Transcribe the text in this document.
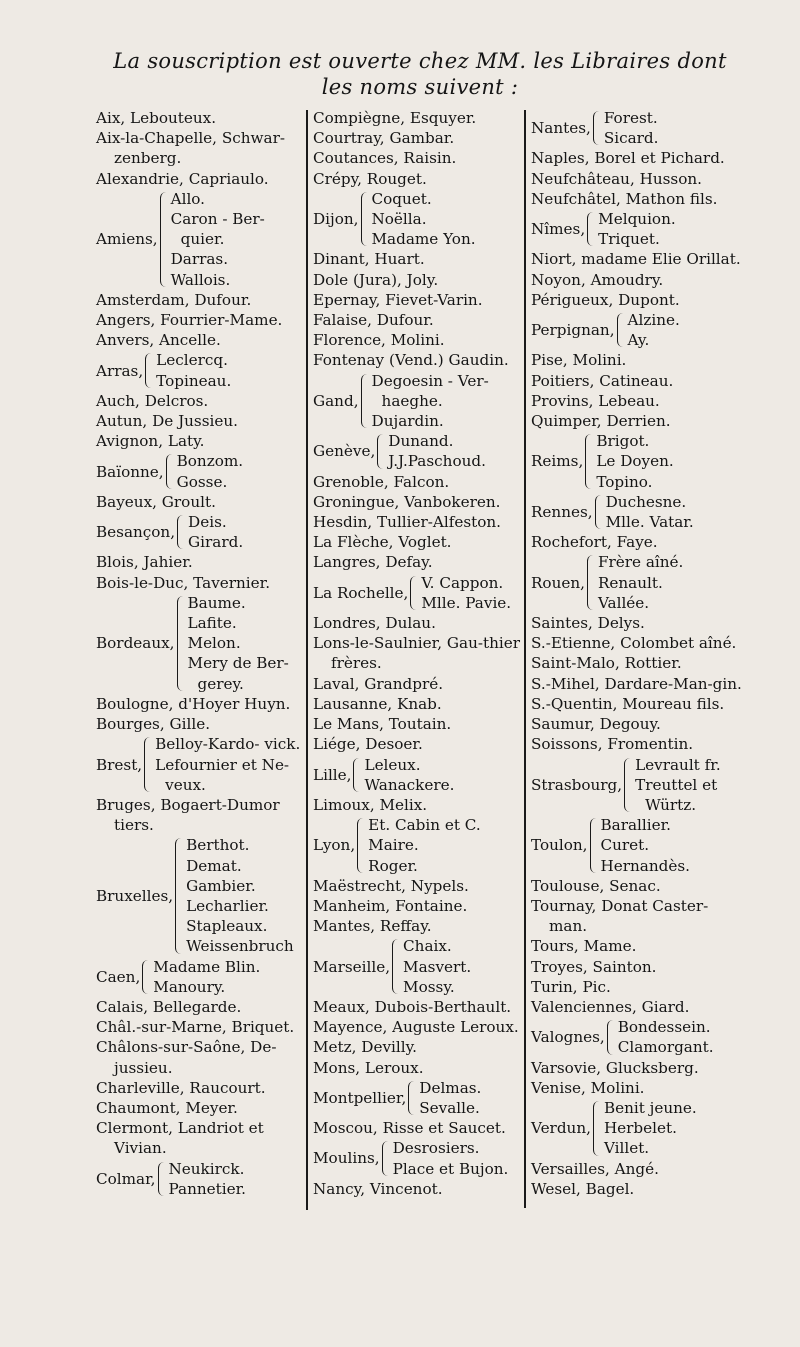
La souscription est ouverte chez MM. les Libraires dont
les noms suivent :
Aix, Lebouteux.
Aix-la-Chapelle, Schwar-zenberg.
Alexandrie, Capriaulo.
Amiens,
Allo.
Caron - Ber- quier.
Darras.
Wallois.
Amsterdam, Dufour.
Angers, Fourrier-Mame.
Anvers, Ancelle.
Arras,
Leclercq.
Topineau.
Auch, Delcros.
Autun, De Jussieu.
Avignon, Laty.
Baïonne,
Bonzom.
Gosse.
Bayeux, Groult.
Besançon,
Deis.
Girard.
Blois, Jahier.
Bois-le-Duc, Tavernier.
Bordeaux,
Baume.
Lafite.
Melon.
Mery de Ber- gerey.
Boulogne, d'Hoyer Huyn.
Bourges, Gille.
Brest,
Belloy-Kardo- vick.
Lefournier et Ne- veux.
Bruges, Bogaert-Dumor tiers.
Bruxelles,
Berthot.
Demat.
Gambier.
Lecharlier.
Stapleaux.
Weissenbruch
Caen,
Madame Blin.
Manoury.
Calais, Bellegarde.
Châl.-sur-Marne, Briquet.
Châlons-sur-Saône, De-jussieu.
Charleville, Raucourt.
Chaumont, Meyer.
Clermont, Landriot et Vivian.
Colmar,
Neukirck.
Pannetier.
Compiègne, Esquyer.
Courtray, Gambar.
Coutances, Raisin.
Crépy, Rouget.
Dijon,
Coquet.
Noëlla.
Madame Yon.
Dinant, Huart.
Dole (Jura), Joly.
Epernay, Fievet-Varin.
Falaise, Dufour.
Florence, Molini.
Fontenay (Vend.) Gaudin.
Gand,
Degoesin - Ver- haeghe.
Dujardin.
Genève,
Dunand.
J.J.Paschoud.
Grenoble, Falcon.
Groningue, Vanbokeren.
Hesdin, Tullier-Alfeston.
La Flèche, Voglet.
Langres, Defay.
La Rochelle,
V. Cappon.
Mlle. Pavie.
Londres, Dulau.
Lons-le-Saulnier, Gau-thier frères.
Laval, Grandpré.
Lausanne, Knab.
Le Mans, Toutain.
Liége, Desoer.
Lille,
Leleux.
Wanackere.
Limoux, Melix.
Lyon,
Et. Cabin et C.
Maire.
Roger.
Maëstrecht, Nypels.
Manheim, Fontaine.
Mantes, Reffay.
Marseille,
Chaix.
Masvert.
Mossy.
Meaux, Dubois-Berthault.
Mayence, Auguste Leroux.
Metz, Devilly.
Mons, Leroux.
Montpellier,
Delmas.
Sevalle.
Moscou, Risse et Saucet.
Moulins,
Desrosiers.
Place et Bujon.
Nancy, Vincenot.
Nantes,
Forest.
Sicard.
Naples, Borel et Pichard.
Neufchâteau, Husson.
Neufchâtel, Mathon fils.
Nîmes,
Melquion.
Triquet.
Niort, madame Elie Orillat.
Noyon, Amoudry.
Périgueux, Dupont.
Perpignan,
Alzine.
Ay.
Pise, Molini.
Poitiers, Catineau.
Provins, Lebeau.
Quimper, Derrien.
Reims,
Brigot.
Le Doyen.
Topino.
Rennes,
Duchesne.
Mlle. Vatar.
Rochefort, Faye.
Rouen,
Frère aîné.
Renault.
Vallée.
Saintes, Delys.
S.-Etienne, Colombet aîné.
Saint-Malo, Rottier.
S.-Mihel, Dardare-Man-gin.
S.-Quentin, Moureau fils.
Saumur, Degouy.
Soissons, Fromentin.
Strasbourg,
Levrault fr.
Treuttel et Würtz.
Toulon,
Barallier.
Curet.
Hernandès.
Toulouse, Senac.
Tournay, Donat Caster-man.
Tours, Mame.
Troyes, Sainton.
Turin, Pic.
Valenciennes, Giard.
Valognes,
Bondessein.
Clamorgant.
Varsovie, Glucksberg.
Venise, Molini.
Verdun,
Benit jeune.
Herbelet.
Villet.
Versailles, Angé.
Wesel, Bagel.
